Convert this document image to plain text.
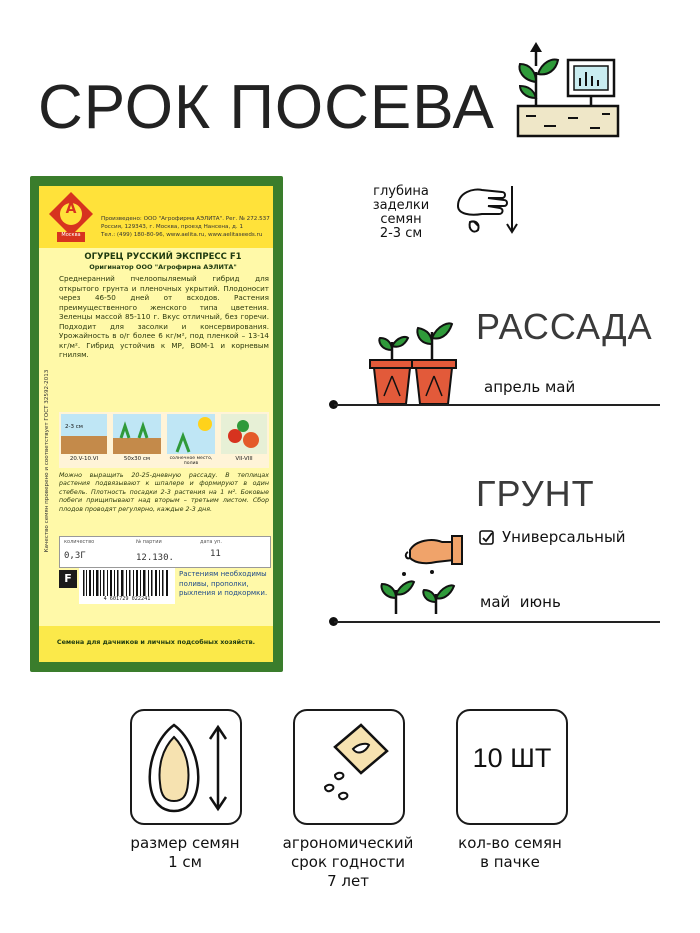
СРОК ПОСЕВА
А
Москва
Произведено: ООО "Агрофирма АЭЛИТА". Рег. № 272.537
Россия, 129343, г. Москва, проезд Нансена, д. 1
Тел.: (499) 180-80-96, www.aelita.ru, www.aelitaseeds.ru
Качество семян проверено и соответствует ГОСТ 32592-2013
ОГУРЕЦ РУССКИЙ ЭКСПРЕСС F1
Оригинатор ООО "Агрофирма АЭЛИТА"
Среднеранний пчелоопыляемый гибрид для открытого грунта и пленочных укрытий. Плодоносит через 46-50 дней от всходов. Растения преимущественного женского типа цветения. Зеленцы массой 85-110 г. Вкус отличный, без горечи. Подходит для засолки и консервирования. Урожайность в о/г более 6 кг/м², под пленкой – 13-14 кг/м². Гибрид устойчив к МР, ВОМ-1 и корневым гнилям.
2-3 см
20.V-10.VI	50x30 см	солнечное место, полив
VII-VIII
Можно выращить 20-25-дневную рассаду. В теплицах растения подвязывают к шпалере и формируют в один стебель. Плотность посадки 2-3 растения на 1 м². Боковые побеги прищипывают над вторым – третьим листом. Сбор плодов проводят регулярно, каждые 2-3 дня.
количество	№ партии	дата уп.
0,3Г	12.130.	11
F
4 601729 022241
Растениям необходимы поливы, прополки, рыхления и подкормки.
Семена для дачников и личных подсобных хозяйств.
глубина
заделки
семян
2-3 см
РАССАДА
апрель май
ГРУНТ
Универсальный
май  июнь
размер семян
1 см
агрономический
срок годности
7 лет
10 ШТ
кол-во семян
в пачке
